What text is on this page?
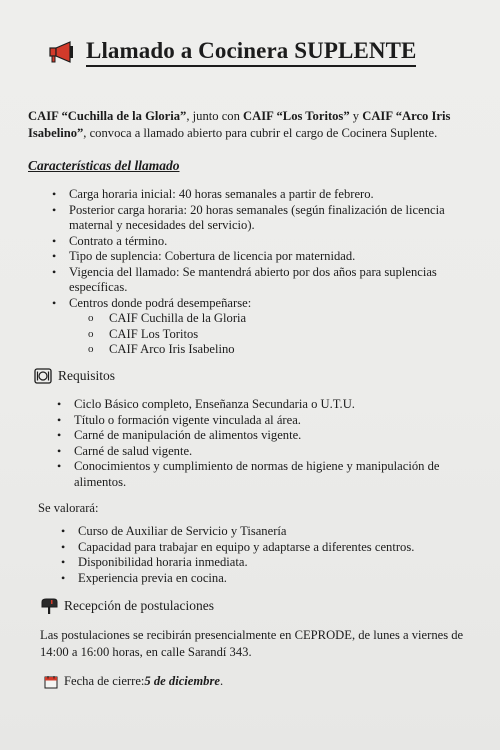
Llamado a Cocinera SUPLENTE
CAIF “Cuchilla de la Gloria”, junto con CAIF “Los Toritos” y CAIF “Arco Iris Isabelino”, convoca a llamado abierto para cubrir el cargo de Cocinera Suplente.
Características del llamado
• Carga horaria inicial: 40 horas semanales a partir de febrero.
• Posterior carga horaria: 20 horas semanales (según finalización de licencia maternal y necesidades del servicio).
• Contrato a término.
• Tipo de suplencia: Cobertura de licencia por maternidad.
• Vigencia del llamado: Se mantendrá abierto por dos años para suplencias específicas.
• Centros donde podrá desempeñarse:
o CAIF Cuchilla de la Gloria
o CAIF Los Toritos
o CAIF Arco Iris Isabelino
Requisitos
• Ciclo Básico completo, Enseñanza Secundaria o U.T.U.
• Título o formación vigente vinculada al área.
• Carné de manipulación de alimentos vigente.
• Carné de salud vigente.
• Conocimientos y cumplimiento de normas de higiene y manipulación de alimentos.
Se valorará:
• Curso de Auxiliar de Servicio y Tisanería
• Capacidad para trabajar en equipo y adaptarse a diferentes centros.
• Disponibilidad horaria inmediata.
• Experiencia previa en cocina.
Recepción de postulaciones
Las postulaciones se recibirán presencialmente en CEPRODE, de lunes a viernes de 14:00 a 16:00 horas, en calle Sarandí 343.
Fecha de cierre: 5 de diciembre .
